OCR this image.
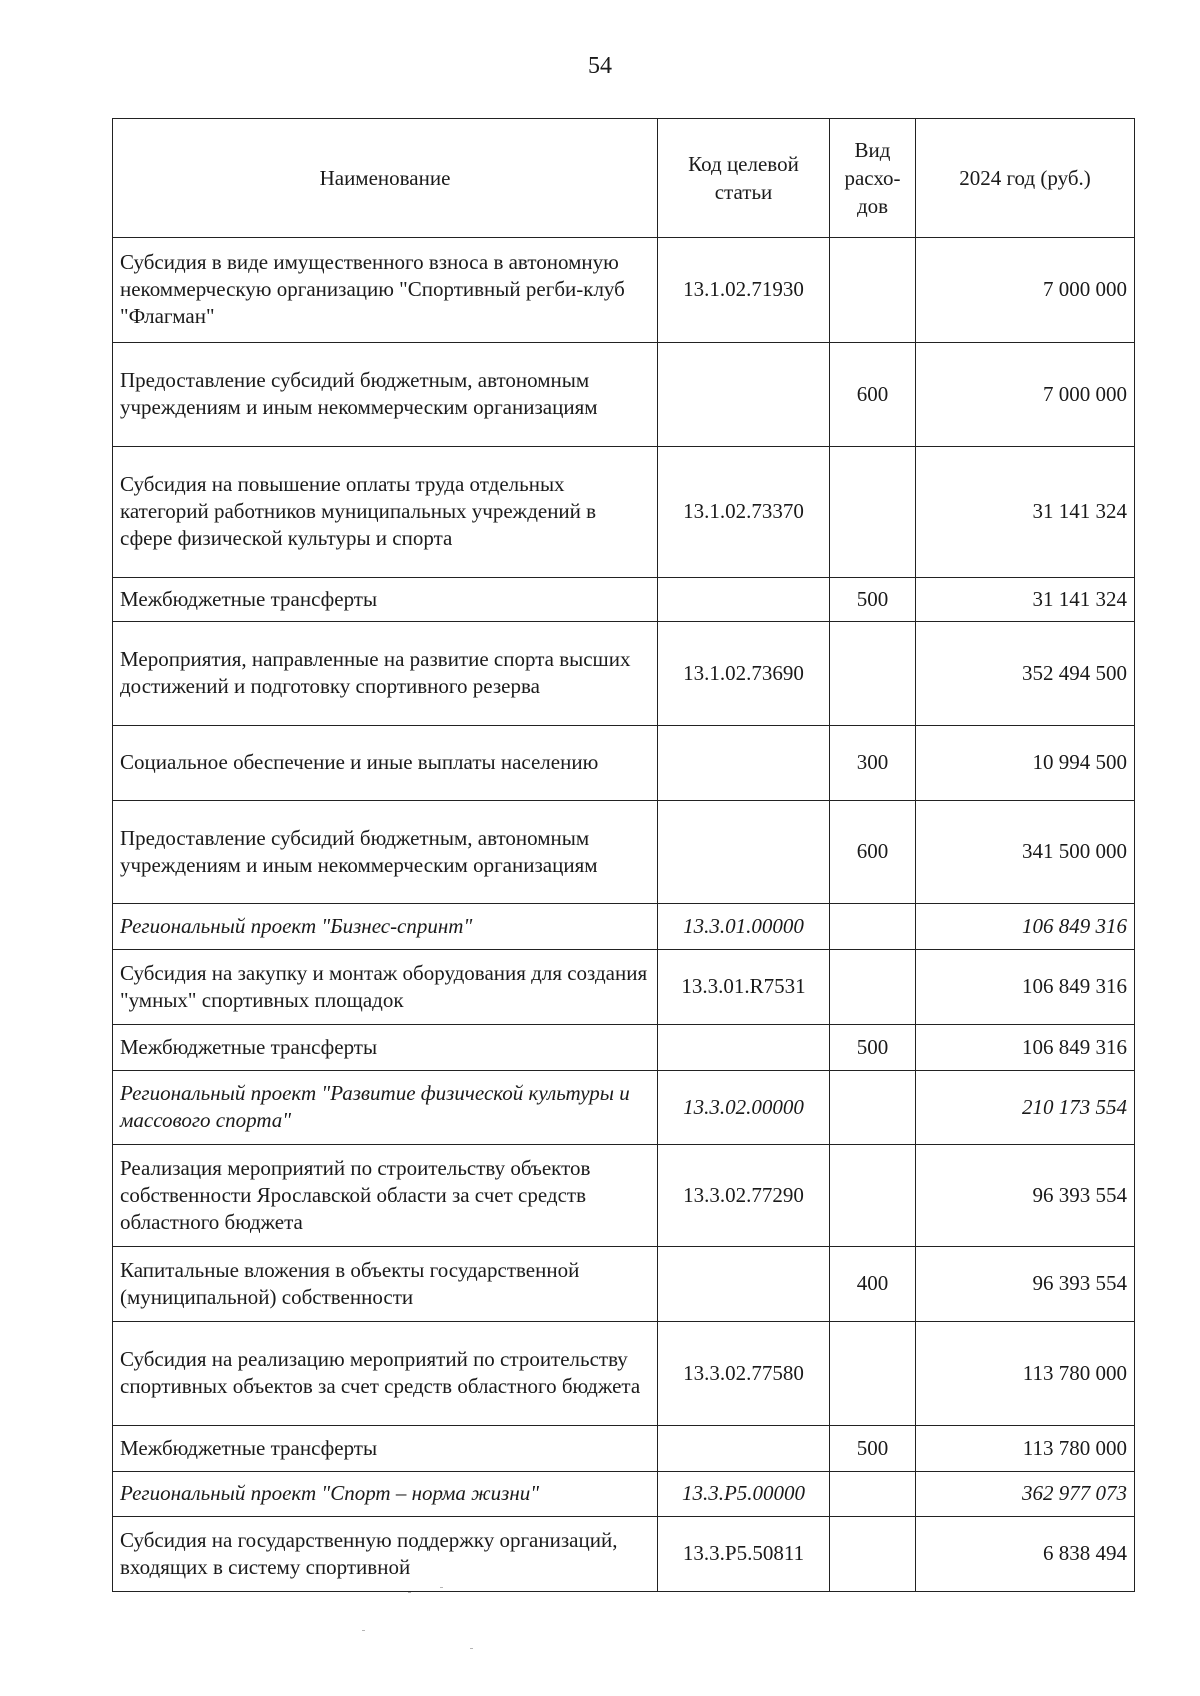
54
Наименование	Код целевой статьи	Вид расхо-дов	2024 год (руб.)
Субсидия в виде имущественного взноса в автономную некоммерческую организацию "Спортивный регби-клуб "Флагман"	13.1.02.71930		7 000 000
Предоставление субсидий бюджетным, автономным учреждениям и иным некоммерческим организациям		600	7 000 000
Субсидия на повышение оплаты труда отдельных категорий работников муниципальных учреждений в сфере физической культуры и спорта	13.1.02.73370		31 141 324
Межбюджетные трансферты		500	31 141 324
Мероприятия, направленные на развитие спорта высших достижений и подготовку спортивного резерва	13.1.02.73690		352 494 500
Социальное обеспечение и иные выплаты населению		300	10 994 500
Предоставление субсидий бюджетным, автономным учреждениям и иным некоммерческим организациям		600	341 500 000
Региональный проект "Бизнес-спринт"	13.3.01.00000		106 849 316
Субсидия на закупку и монтаж оборудования для создания "умных" спортивных площадок	13.3.01.R7531		106 849 316
Межбюджетные трансферты		500	106 849 316
Региональный проект "Развитие физической культуры и массового спорта"	13.3.02.00000		210 173 554
Реализация мероприятий по строительству объектов собственности Ярославской области за счет средств областного бюджета	13.3.02.77290		96 393 554
Капитальные вложения в объекты государственной (муниципальной) собственности		400	96 393 554
Субсидия на реализацию мероприятий по строительству спортивных объектов за счет средств областного бюджета	13.3.02.77580		113 780 000
Межбюджетные трансферты		500	113 780 000
Региональный проект "Спорт – норма жизни"	13.3.P5.00000		362 977 073
Субсидия на государственную поддержку организаций, входящих в систему спортивной	13.3.P5.50811		6 838 494
